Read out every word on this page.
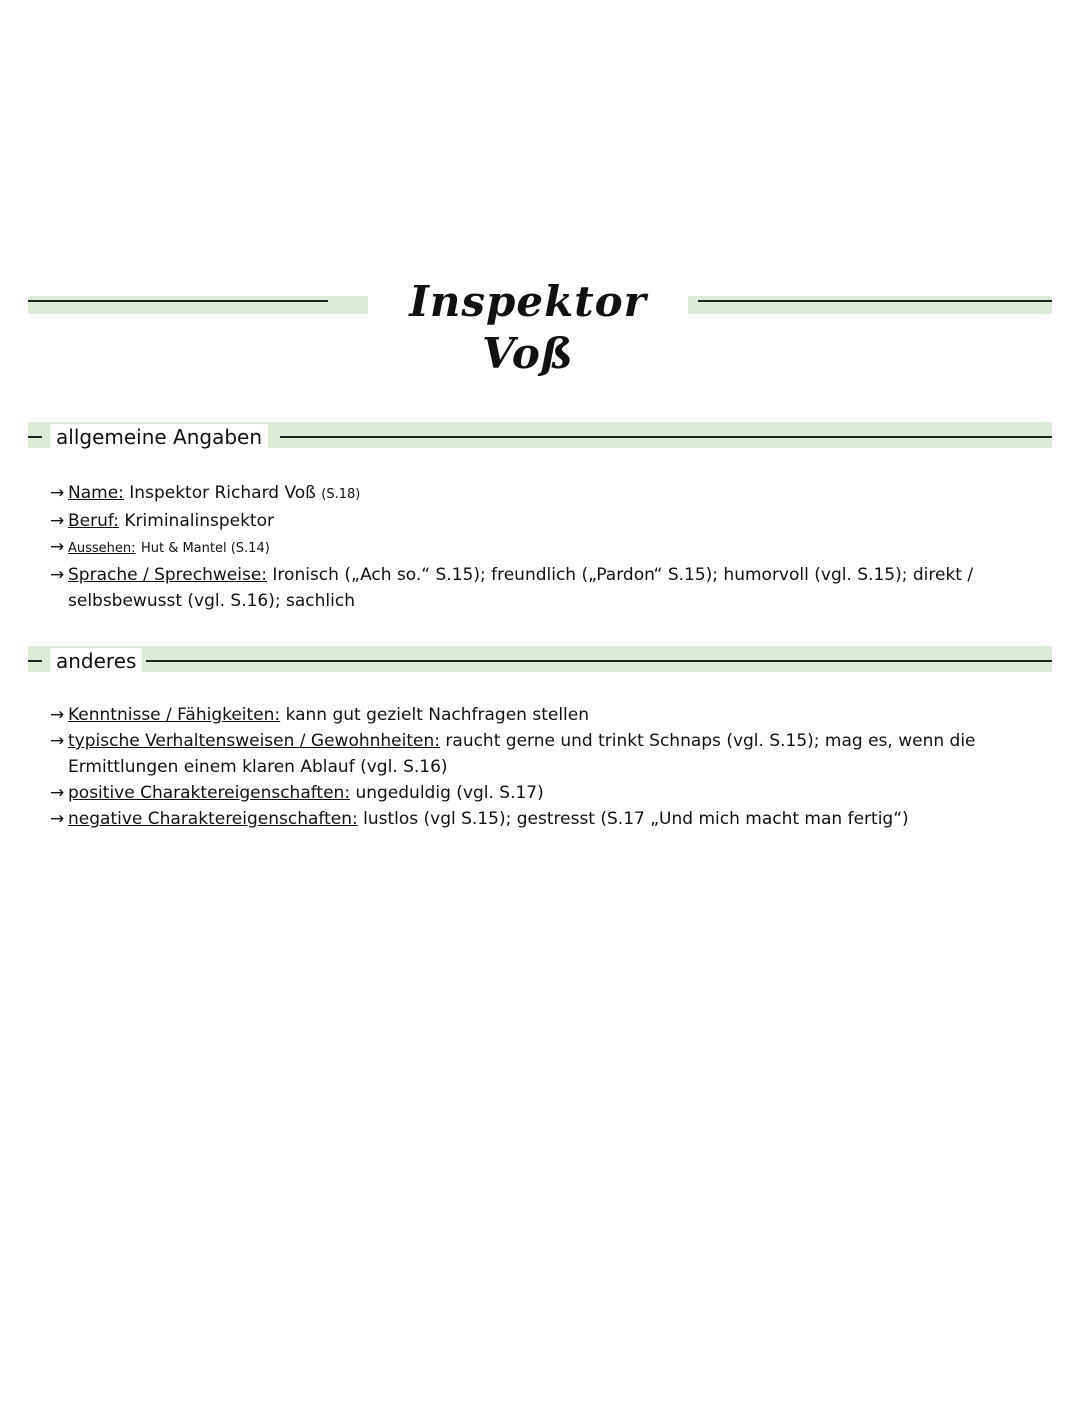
Inspektor Voß
allgemeine Angaben

→ Name: Inspektor Richard Voß (S.18)

→ Beruf: Kriminalinspektor

→ Aussehen: Hut & Mantel (S.14)

→ Sprache / Sprechweise: Ironisch („Ach so.“ S.15); freundlich („Pardon“ S.15); humorvoll (vgl. S.15); direkt /

selbsbewusst (vgl. S.16); sachlich

anderes

→ Kenntnisse / Fähigkeiten: kann gut gezielt Nachfragen stellen

→ typische Verhaltensweisen / Gewohnheiten: raucht gerne und trinkt Schnaps (vgl. S.15); mag es, wenn die

Ermittlungen einem klaren Ablauf (vgl. S.16)

→ positive Charaktereigenschaften: ungeduldig (vgl. S.17)

→ negative Charaktereigenschaften: lustlos (vgl S.15); gestresst (S.17 „Und mich macht man fertig“)
